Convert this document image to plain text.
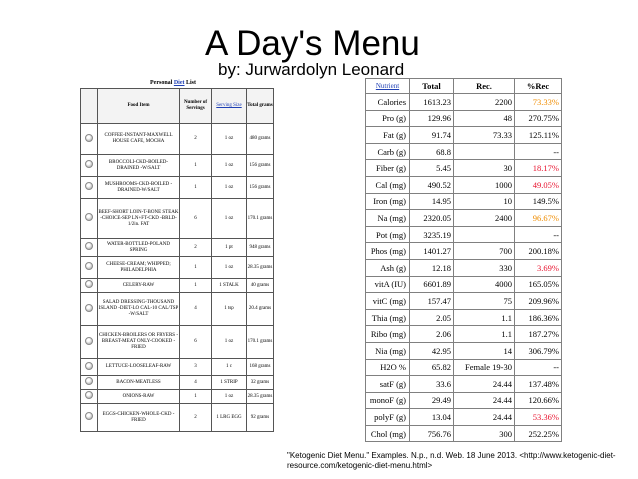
A Day's Menu
by: Jurwardolyn Leonard
Personal Diet List
	Food Item	Number of Servings	Serving Size	Total grams
	COFFEE-INSTANT-MAXWELL HOUSE CAFE, MOCHA	2	1 oz	480 grams
	BROCCOLI-CKD-BOILED-DRAINED -W/SALT	1	1 oz	156 grams
	MUSHROOMS-CKD-BOILED -DRAINED-W/SALT	1	1 oz	156 grams
	BEEF-SHORT LOIN-T-BONE STEAK -CHOICE-SEP LN+FT-CKD -BRLD-1/2in. FAT	6	1 oz	170.1 grams
	WATER-BOTTLED-POLAND SPRING	2	1 pt	948 grams
	CHEESE-CREAM; WHIPPED; PHILADELPHIA	1	1 oz	28.35 grams
	CELERY-RAW	1	1 STALK	40 grams
	SALAD DRESSING-THOUSAND ISLAND -DIET-LO CAL-10 CAL/TSP -W/SALT	4	1 tsp	20.4 grams
	CHICKEN-BROILERS OR FRYERS -BREAST-MEAT ONLY-COOKED -FRIED	6	1 oz	170.1 grams
	LETTUCE-LOOSELEAF-RAW	3	1 c	168 grams
	BACON-MEATLESS	4	1 STRIP	32 grams
	ONIONS-RAW	1	1 oz	28.35 grams
	EGGS-CHICKEN-WHOLE-CKD -FRIED	2	1 LRG EGG	92 grams
Nutrient	Total	Rec.	%Rec
Calories	1613.23	2200	73.33%
Pro (g)	129.96	48	270.75%
Fat (g)	91.74	73.33	125.11%
Carb (g)	68.8		--
Fiber (g)	5.45	30	18.17%
Cal (mg)	490.52	1000	49.05%
Iron (mg)	14.95	10	149.5%
Na (mg)	2320.05	2400	96.67%
Pot (mg)	3235.19		--
Phos (mg)	1401.27	700	200.18%
Ash (g)	12.18	330	3.69%
vitA (IU)	6601.89	4000	165.05%
vitC (mg)	157.47	75	209.96%
Thia (mg)	2.05	1.1	186.36%
Ribo (mg)	2.06	1.1	187.27%
Nia (mg)	42.95	14	306.79%
H2O %	65.82	Female 19-30	--
satF (g)	33.6	24.44	137.48%
monoF (g)	29.49	24.44	120.66%
polyF (g)	13.04	24.44	53.36%
Chol (mg)	756.76	300	252.25%
"Ketogenic Diet Menu." Examples. N.p., n.d. Web. 18 June 2013. <http://www.ketogenic-diet-resource.com/ketogenic-diet-menu.html>
